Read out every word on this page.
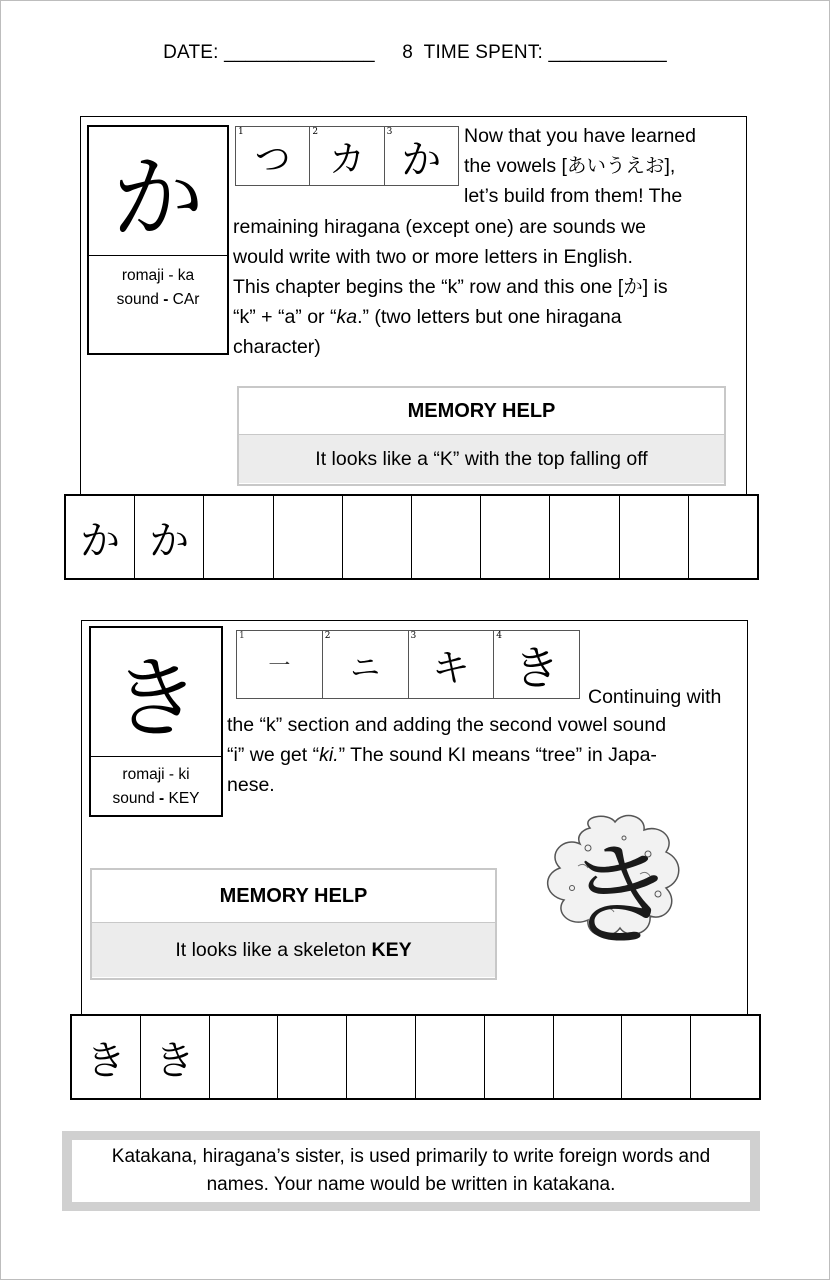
DATE: ______________ 8 TIME SPENT: ___________
か
romaji - ka
sound - CAr
1
つ
2
カ
3
か
Now that you have learned
the vowels [あいうえお],
let’s build from them! The
remaining hiragana (except one) are sounds we
would write with two or more letters in English.
This chapter begins the “k” row and this one [か] is
“k” + “a” or “ka.” (two letters but one hiragana
character)
MEMORY HELP
It looks like a “K” with the top falling off
か か
き
romaji - ki
sound - KEY
1
一
2
ニ
3
キ
4
き
Continuing with
the “k” section and adding the second vowel sound
“i” we get “ki.” The sound KI means “tree” in Japa-
nese.
MEMORY HELP
It looks like a skeleton KEY き
き き
Katakana, hiragana’s sister, is used primarily to write foreign words and names. Your name would be written in katakana.
